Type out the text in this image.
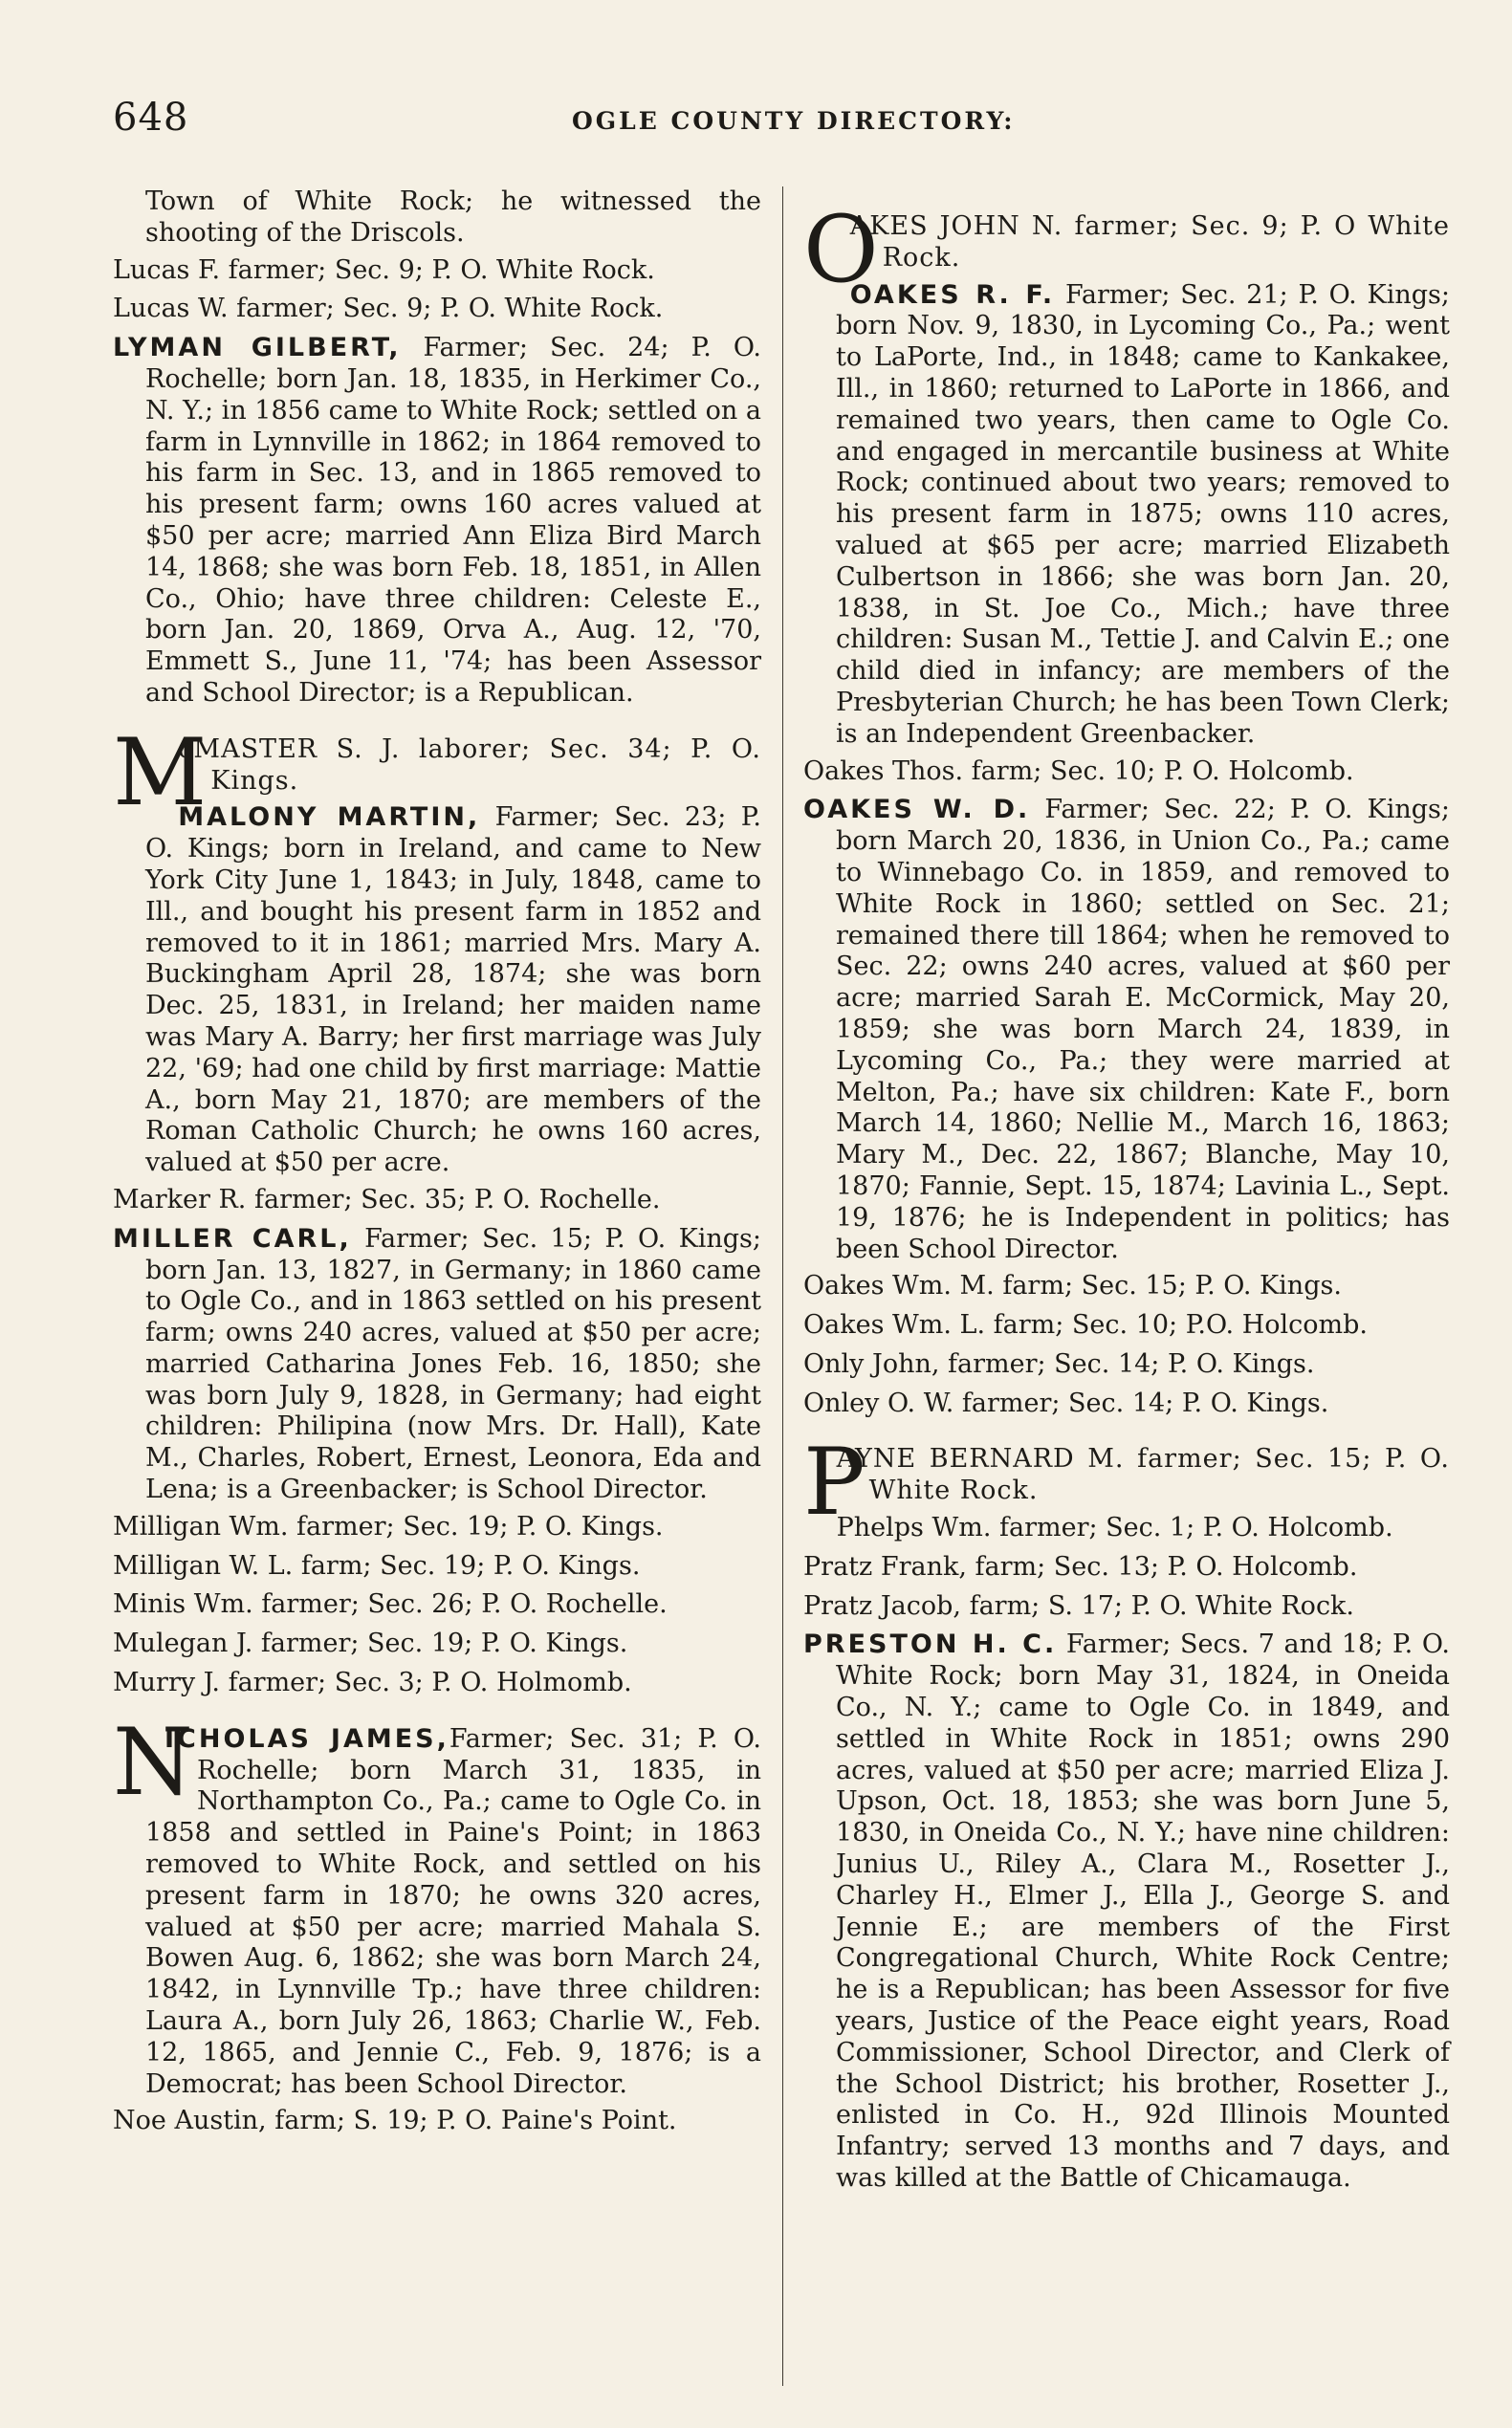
648	OGLE COUNTY DIRECTORY:

Town of White Rock; he witnessed the shooting of the Driscols.

Lucas F. farmer; Sec. 9; P. O. White Rock.

Lucas W. farmer; Sec. 9; P. O. White Rock.

LYMAN GILBERT, Farmer; Sec. 24; P. O. Rochelle; born Jan. 18, 1835, in Herkimer Co., N. Y.; in 1856 came to White Rock; settled on a farm in Lynnville in 1862; in 1864 removed to his farm in Sec. 13, and in 1865 removed to his present farm; owns 160 acres valued at $50 per acre; married Ann Eliza Bird March 14, 1868; she was born Feb. 18, 1851, in Allen Co., Ohio; have three children: Celeste E., born Jan. 20, 1869, Orva A., Aug. 12, '70, Emmett S., June 11, '74; has been Assessor and School Director; is a Republican.

M
cMASTER S. J. laborer; Sec. 34; P. O. Kings.

MALONY MARTIN, Farmer; Sec. 23; P. O. Kings; born in Ireland, and came to New York City June 1, 1843; in July, 1848, came to Ill., and bought his present farm in 1852 and removed to it in 1861; married Mrs. Mary A. Buckingham April 28, 1874; she was born Dec. 25, 1831, in Ireland; her maiden name was Mary A. Barry; her first marriage was July 22, '69; had one child by first marriage: Mattie A., born May 21, 1870; are members of the Roman Catholic Church; he owns 160 acres, valued at $50 per acre.

Marker R. farmer; Sec. 35; P. O. Rochelle.

MILLER CARL, Farmer; Sec. 15; P. O. Kings; born Jan. 13, 1827, in Germany; in 1860 came to Ogle Co., and in 1863 settled on his present farm; owns 240 acres, valued at $50 per acre; married Catharina Jones Feb. 16, 1850; she was born July 9, 1828, in Germany; had eight children: Philipina (now Mrs. Dr. Hall), Kate M., Charles, Robert, Ernest, Leonora, Eda and Lena; is a Greenbacker; is School Director.

Milligan Wm. farmer; Sec. 19; P. O. Kings.

Milligan W. L. farm; Sec. 19; P. O. Kings.

Minis Wm. farmer; Sec. 26; P. O. Rochelle.

Mulegan J. farmer; Sec. 19; P. O. Kings.

Murry J. farmer; Sec. 3; P. O. Holmomb.

N
ICHOLAS JAMES,Farmer; Sec. 31; P. O. Rochelle; born March 31, 1835, in Northampton Co., Pa.; came to Ogle Co. in 1858 and settled in Paine's Point; in 1863 removed to White Rock, and settled on his present farm in 1870; he owns 320 acres, valued at $50 per acre; married Mahala S. Bowen Aug. 6, 1862; she was born March 24, 1842, in Lynnville Tp.; have three children: Laura A., born July 26, 1863; Charlie W., Feb. 12, 1865, and Jennie C., Feb. 9, 1876; is a Democrat; has been School Director.

Noe Austin, farm; S. 19; P. O. Paine's Point.

O
AKES JOHN N. farmer; Sec. 9; P. O White Rock.

OAKES R. F. Farmer; Sec. 21; P. O. Kings; born Nov. 9, 1830, in Lycoming Co., Pa.; went to LaPorte, Ind., in 1848; came to Kankakee, Ill., in 1860; returned to LaPorte in 1866, and remained two years, then came to Ogle Co. and engaged in mercantile business at White Rock; continued about two years; removed to his present farm in 1875; owns 110 acres, valued at $65 per acre; married Elizabeth Culbertson in 1866; she was born Jan. 20, 1838, in St. Joe Co., Mich.; have three children: Susan M., Tettie J. and Calvin E.; one child died in infancy; are members of the Presbyterian Church; he has been Town Clerk; is an Independent Greenbacker.

Oakes Thos. farm; Sec. 10; P. O. Holcomb.

OAKES W. D. Farmer; Sec. 22; P. O. Kings; born March 20, 1836, in Union Co., Pa.; came to Winnebago Co. in 1859, and removed to White Rock in 1860; settled on Sec. 21; remained there till 1864; when he removed to Sec. 22; owns 240 acres, valued at $60 per acre; married Sarah E. McCormick, May 20, 1859; she was born March 24, 1839, in Lycoming Co., Pa.; they were married at Melton, Pa.; have six children: Kate F., born March 14, 1860; Nellie M., March 16, 1863; Mary M., Dec. 22, 1867; Blanche, May 10, 1870; Fannie, Sept. 15, 1874; Lavinia L., Sept. 19, 1876; he is Independent in politics; has been School Director.

Oakes Wm. M. farm; Sec. 15; P. O. Kings.

Oakes Wm. L. farm; Sec. 10; P.O. Holcomb.

Only John, farmer; Sec. 14; P. O. Kings.

Onley O. W. farmer; Sec. 14; P. O. Kings.

P
AYNE BERNARD M. farmer; Sec. 15; P. O. White Rock.

Phelps Wm. farmer; Sec. 1; P. O. Holcomb.

Pratz Frank, farm; Sec. 13; P. O. Holcomb.

Pratz Jacob, farm; S. 17; P. O. White Rock.

PRESTON H. C. Farmer; Secs. 7 and 18; P. O. White Rock; born May 31, 1824, in Oneida Co., N. Y.; came to Ogle Co. in 1849, and settled in White Rock in 1851; owns 290 acres, valued at $50 per acre; married Eliza J. Upson, Oct. 18, 1853; she was born June 5, 1830, in Oneida Co., N. Y.; have nine children: Junius U., Riley A., Clara M., Rosetter J., Charley H., Elmer J., Ella J., George S. and Jennie E.; are members of the First Congregational Church, White Rock Centre; he is a Republican; has been Assessor for five years, Justice of the Peace eight years, Road Commissioner, School Director, and Clerk of the School District; his brother, Rosetter J., enlisted in Co. H., 92d Illinois Mounted Infantry; served 13 months and 7 days, and was killed at the Battle of Chicamauga.
